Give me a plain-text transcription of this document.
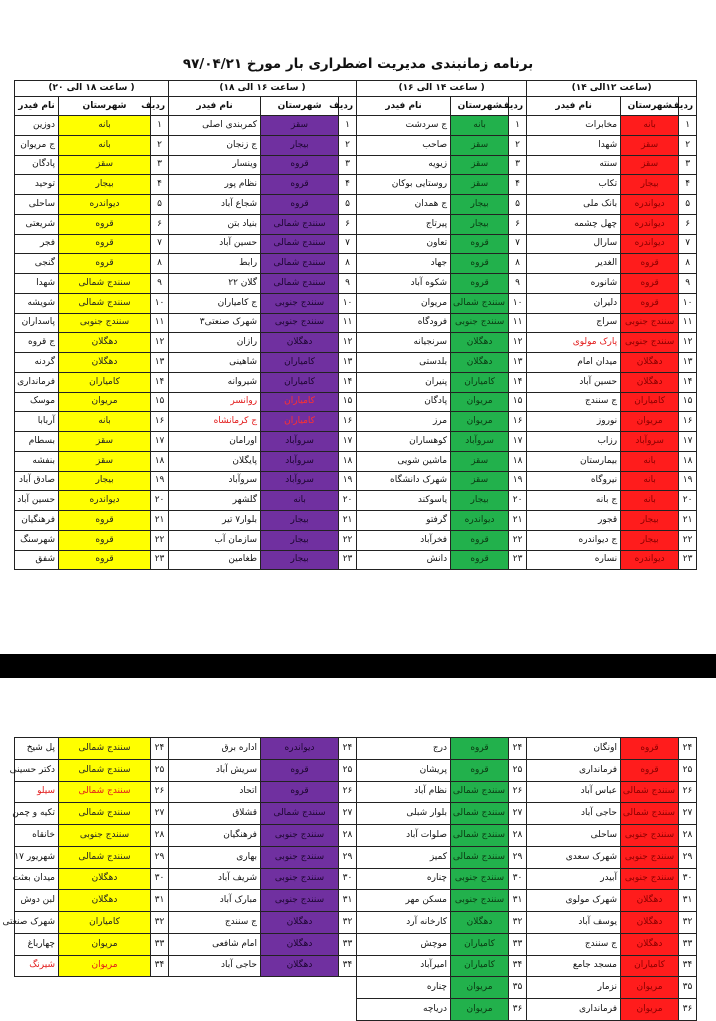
برنامه زمانبندی مدیریت اضطراری بار مورخ ۹۷/۰۴/۲۱
(ساعت ۱۲الی ۱۴)			( ساعت ۱۴ الی ۱۶)			( ساعت ۱۶ الی ۱۸)			( ساعت ۱۸ الی ۲۰)		
ردیف	شهرستان	نام فیدر	ردیف	شهرستان	نام فیدر	ردیف	شهرستان	نام فیدر	ردیف	شهرستان	نام فیدر
۱	بانه	مخابرات	۱	بانه	ج سردشت	۱	سقز	کمربندی اصلی	۱	بانه	دوزین
۲	سقز	شهدا	۲	سقز	صاحب	۲	بیجار	ج زنجان	۲	بانه	ج مریوان
۳	سقز	سنته	۳	سقز	زیویه	۳	قروه	وینسار	۳	سقز	پادگان
۴	بیجار	تکاب	۴	سقز	روستایی بوکان	۴	قروه	نظام پور	۴	بیجار	توحید
۵	دیواندره	بانک ملی	۵	بیجار	ج همدان	۵	قروه	شجاع آباد	۵	دیواندره	ساحلی
۶	دیواندره	چهل چشمه	۶	بیجار	پیرتاج	۶	سنندج شمالی	بنیاد بتن	۶	قروه	شریعتی
۷	دیواندره	سارال	۷	قروه	تعاون	۷	سنندج شمالی	حسین آباد	۷	قروه	فجر
۸	قروه	الغدیر	۸	قروه	جهاد	۸	سنندج شمالی	رابط	۸	قروه	گنجی
۹	قروه	شانوره	۹	قروه	شکوه آباد	۹	سنندج شمالی	گلان ۲۲	۹	سنندج شمالی	شهدا
۱۰	قروه	دلیران	۱۰	سنندج شمالی	مریوان	۱۰	سنندج جنوبی	ج کامیاران	۱۰	سنندج شمالی	شویشه
۱۱	سنندج جنوبی	سراج	۱۱	سنندج جنوبی	فرودگاه	۱۱	سنندج جنوبی	شهرک صنعتی۳	۱۱	سنندج جنوبی	پاسداران
۱۲	سنندج جنوبی	پارک مولوی	۱۲	دهگلان	سرنجیانه	۱۲	دهگلان	رازان	۱۲	دهگلان	ج قروه
۱۳	دهگلان	میدان امام	۱۳	دهگلان	بلدستی	۱۳	کامیاران	شاهینی	۱۳	دهگلان	گردنه
۱۴	دهگلان	حسین آباد	۱۴	کامیاران	پنیران	۱۴	کامیاران	شیروانه	۱۴	کامیاران	فرمانداری
۱۵	کامیاران	ج سنندج	۱۵	مریوان	پادگان	۱۵	کامیاران	روانسر	۱۵	مریوان	موسک
۱۶	مریوان	نوروز	۱۶	مریوان	مرز	۱۶	کامیاران	ج کرمانشاه	۱۶	بانه	آربابا
۱۷	سروآباد	رزاب	۱۷	سروآباد	کوهساران	۱۷	سروآباد	اورامان	۱۷	سقز	بسطام
۱۸	بانه	بیمارستان	۱۸	سقز	ماشین شویی	۱۸	سروآباد	پایگلان	۱۸	سقز	بنفشه
۱۹	بانه	نیروگاه	۱۹	سقز	شهرک دانشگاه	۱۹	سروآباد	سروآباد	۱۹	بیجار	صادق آباد
۲۰	بانه	ج بانه	۲۰	بیجار	یاسوکند	۲۰	بانه	گلشهر	۲۰	دیواندره	حسین آباد
۲۱	بیجار	قجور	۲۱	دیواندره	گرفتو	۲۱	بیجار	بلوار۷ تیر	۲۱	قروه	فرهنگیان
۲۲	بیجار	ج دیواندره	۲۲	قروه	فخرآباد	۲۲	بیجار	سازمان آب	۲۲	قروه	شهرسنگ
۲۳	دیواندره	نساره	۲۳	قروه	دانش	۲۳	بیجار	طغامین	۲۳	قروه	شفق
۲۴	قروه	اونگان	۲۴	قروه	درج	۲۴	دیواندره	اداره برق	۲۴	سنندج شمالی	پل شیخ
۲۵	قروه	فرمانداری	۲۵	قروه	پریشان	۲۵	قروه	سریش آباد	۲۵	سنندج شمالی	دکتر حسینی
۲۶	سنندج شمالی	عباس آباد	۲۶	سنندج شمالی	نظام آباد	۲۶	قروه	اتحاد	۲۶	سنندج شمالی	سیلو
۲۷	سنندج شمالی	حاجی آباد	۲۷	سنندج شمالی	بلوار شبلی	۲۷	سنندج شمالی	قشلاق	۲۷	سنندج شمالی	تکیه و چمن
۲۸	سنندج جنوبی	ساحلی	۲۸	سنندج شمالی	صلوات آباد	۲۸	سنندج جنوبی	فرهنگیان	۲۸	سنندج جنوبی	خانقاه
۲۹	سنندج جنوبی	شهرک سعدی	۲۹	سنندج شمالی	کمیز	۲۹	سنندج جنوبی	بهاری	۲۹	سنندج شمالی	شهریور ۱۷
۳۰	سنندج جنوبی	آبیدر	۳۰	سنندج جنوبی	چناره	۳۰	سنندج جنوبی	شریف آباد	۳۰	دهگلان	میدان بعثت
۳۱	دهگلان	شهرک مولوی	۳۱	سنندج جنوبی	مسکن مهر	۳۱	سنندج جنوبی	مبارک آباد	۳۱	دهگلان	لبن دوش
۳۲	دهگلان	یوسف آباد	۳۲	دهگلان	کارخانه آرد	۳۲	دهگلان	ج سنندج	۳۲	کامیاران	شهرک صنعتی
۳۳	دهگلان	ج سنندج	۳۳	کامیاران	موچش	۳۳	دهگلان	امام شافعی	۳۳	مریوان	چهارباغ
۳۴	کامیاران	مسجد جامع	۳۴	کامیاران	امیرآباد	۳۴	دهگلان	حاجی آباد	۳۴	مریوان	شیرنگ
۳۵	مریوان	نزمار	۳۵	مریوان	چناره						
۳۶	مریوان	فرمانداری	۳۶	مریوان	دریاچه						
